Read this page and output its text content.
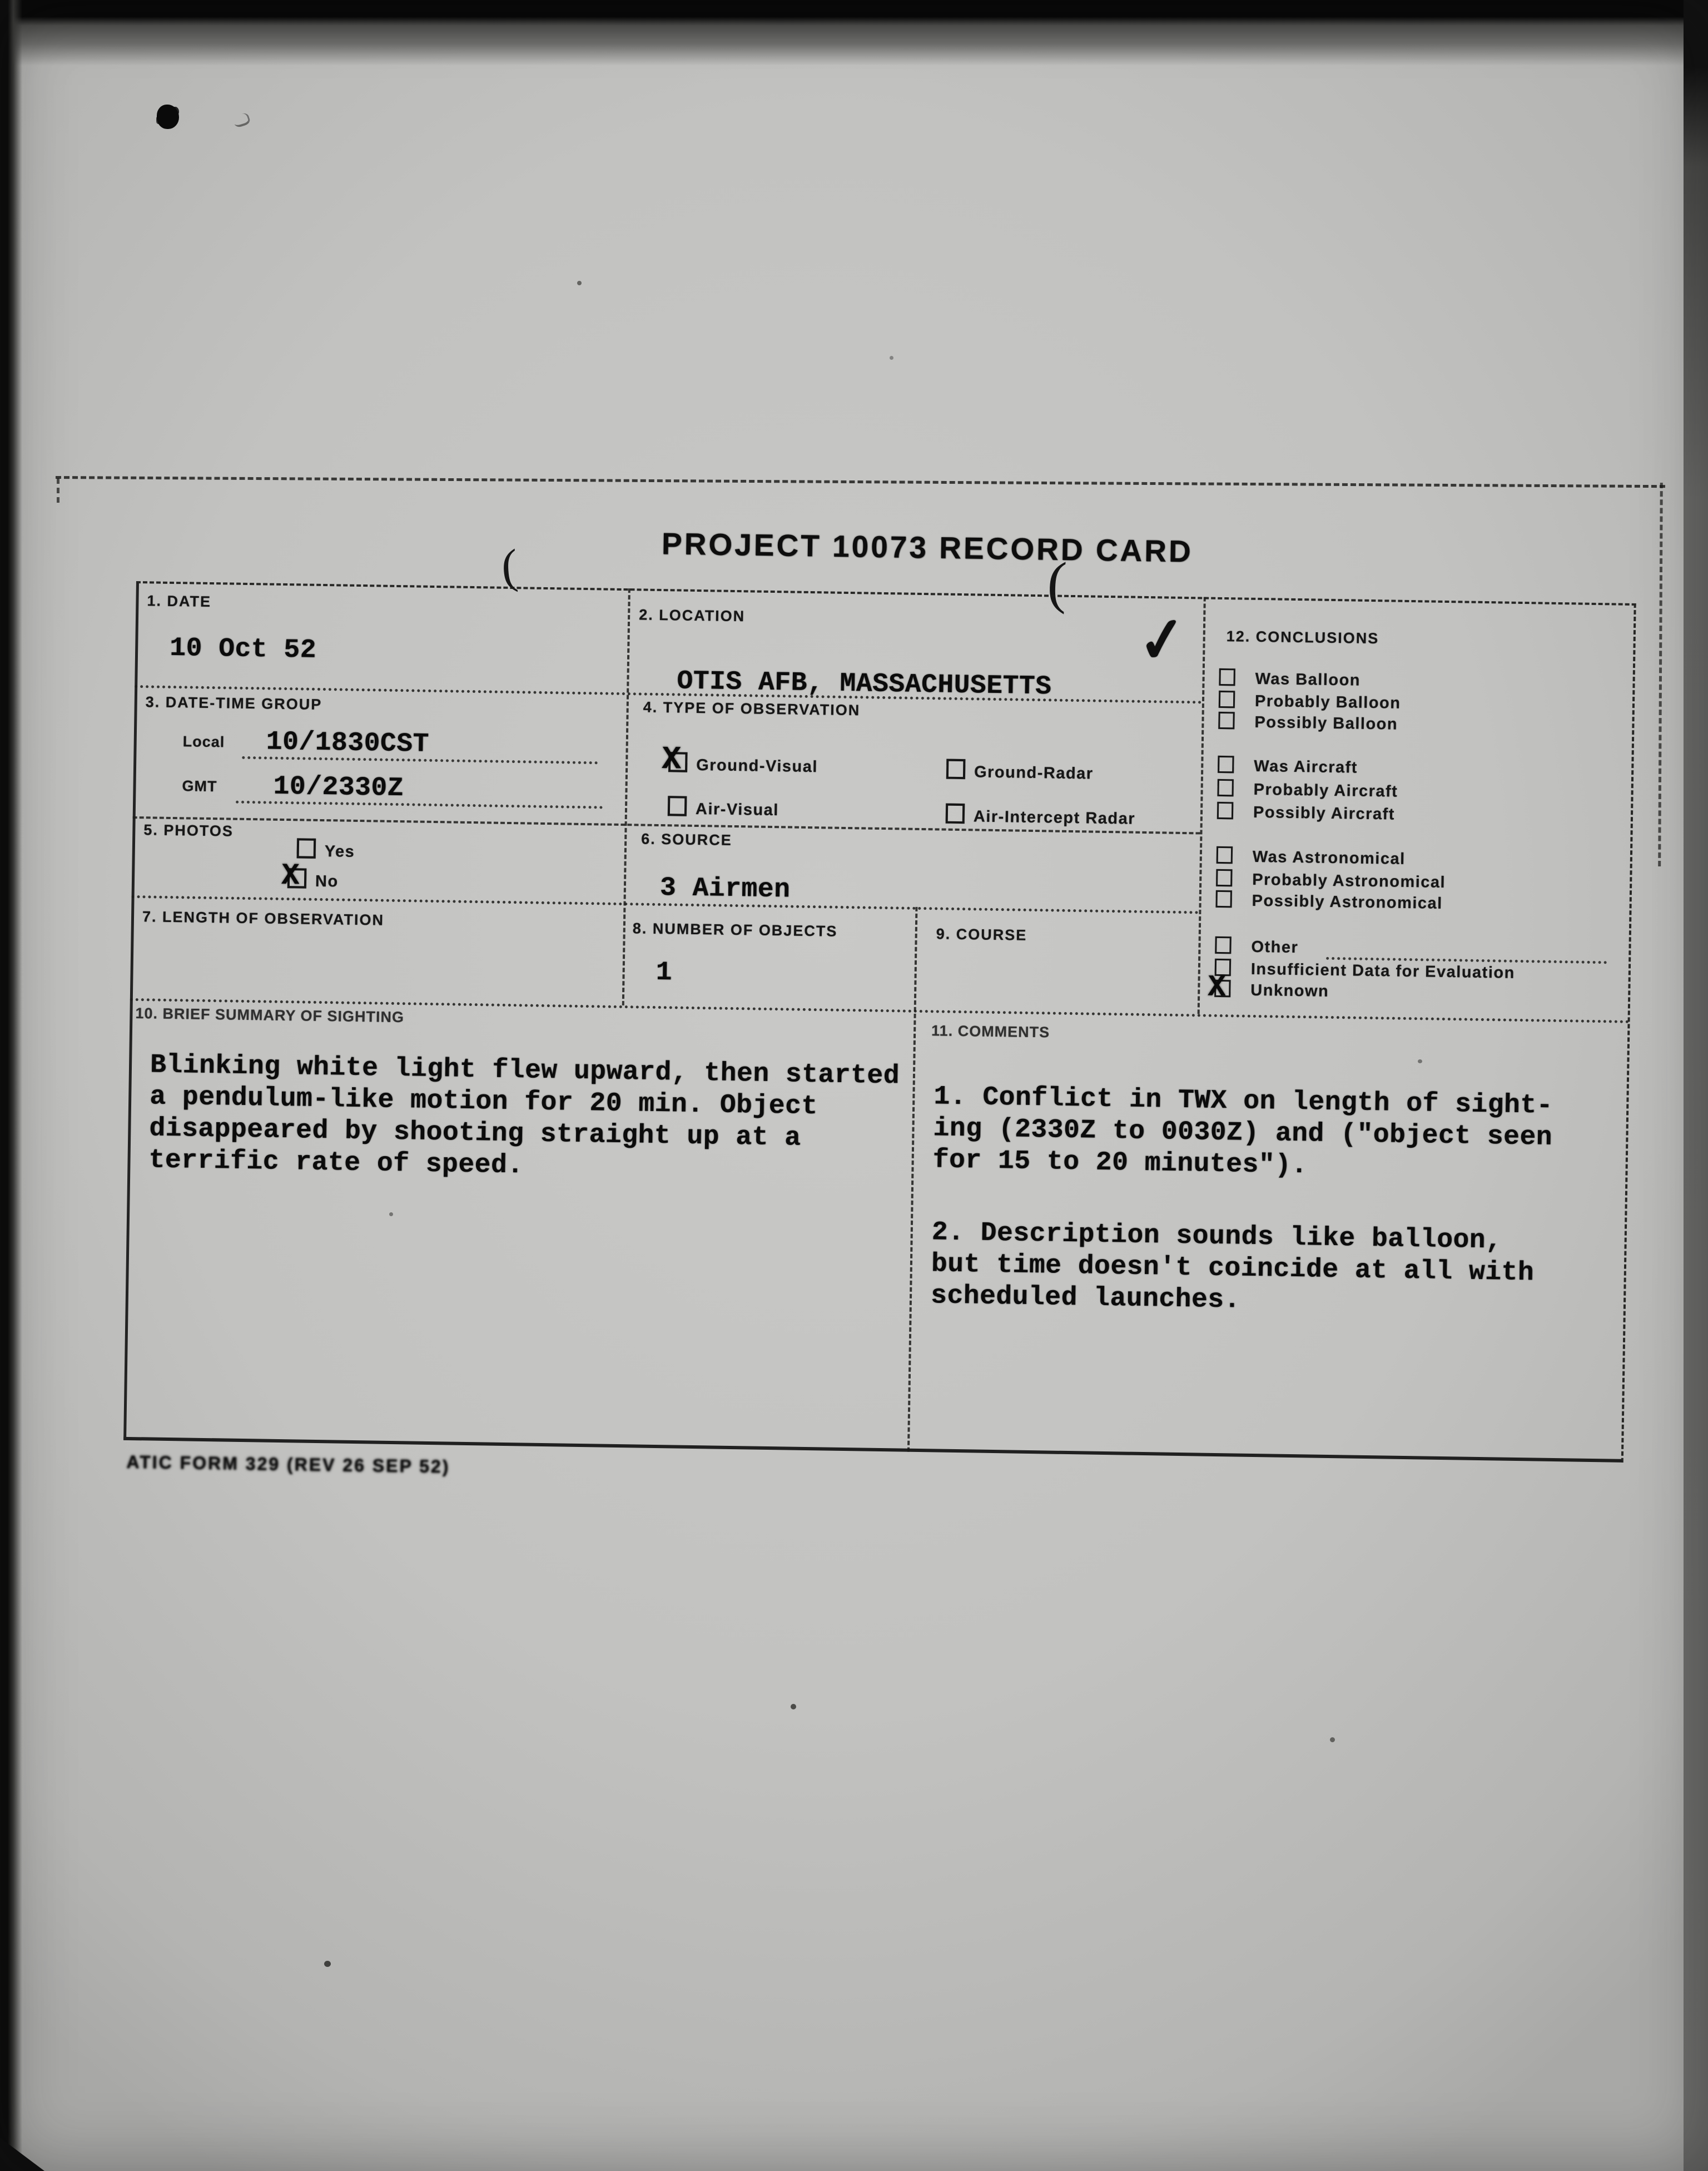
PROJECT 10073 RECORD CARD
(	(
1. DATE
10 Oct 52
2. LOCATION
OTIS AFB, MASSACHUSETTS
✓
3. DATE-TIME GROUP
Local 10/1830CST
GMT 10/2330Z
4. TYPE OF OBSERVATION
X Ground-Visual	Ground-Radar
Air-Visual	Air-Intercept Radar
5. PHOTOS
Yes
X No
6. SOURCE
3 Airmen
7. LENGTH OF OBSERVATION
8. NUMBER OF OBJECTS
1
9. COURSE
10. BRIEF SUMMARY OF SIGHTING
Blinking white light flew upward, then started
a pendulum-like motion for 20 min. Object
disappeared by shooting straight up at a
terrific rate of speed.
11. COMMENTS
1. Conflict in TWX on length of sight-
ing (2330Z to 0030Z) and ("object seen
for 15 to 20 minutes").
2. Description sounds like balloon,
but time doesn't coincide at all with
scheduled launches.
12. CONCLUSIONS
Was Balloon
Probably Balloon
Possibly Balloon
Was Aircraft
Probably Aircraft
Possibly Aircraft
Was Astronomical
Probably Astronomical
Possibly Astronomical
Other
Insufficient Data for Evaluation
X Unknown
ATIC FORM 329 (REV 26 SEP 52)
